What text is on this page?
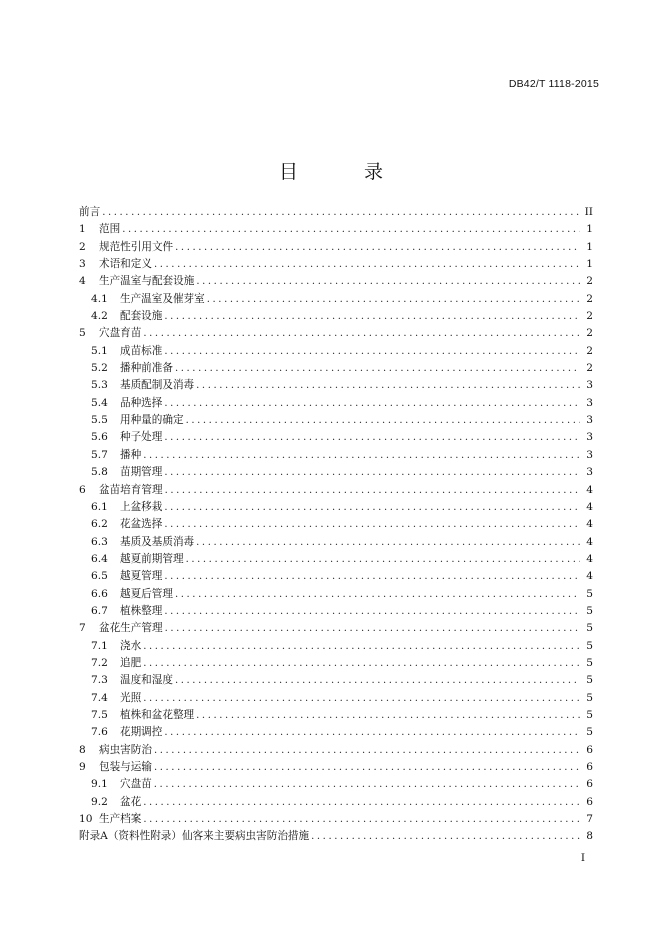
DB42/T 1118-2015
目 录
前言 .....	II
1	范围 .....	1
2	规范性引用文件 .....	1
3	术语和定义 .....	1
4	生产温室与配套设施 .....	2
4.1	生产温室及催芽室 .....	2
4.2	配套设施 .....	2
5	穴盘育苗 .....	2
5.1	成苗标准 .....	2
5.2	播种前准备 .....	2
5.3	基质配制及消毒 .....	3
5.4	品种选择 .....	3
5.5	用种量的确定 .....	3
5.6	种子处理 .....	3
5.7	播种 .....	3
5.8	苗期管理 .....	3
6	盆苗培育管理 .....	4
6.1	上盆移栽 .....	4
6.2	花盆选择 .....	4
6.3	基质及基质消毒 .....	4
6.4	越夏前期管理 .....	4
6.5	越夏管理 .....	4
6.6	越夏后管理 .....	5
6.7	植株整理 .....	5
7	盆花生产管理 .....	5
7.1	浇水 .....	5
7.2	追肥 .....	5
7.3	温度和湿度 .....	5
7.4	光照 .....	5
7.5	植株和盆花整理 .....	5
7.6	花期调控 .....	5
8	病虫害防治 .....	6
9	包装与运输 .....	6
9.1	穴盘苗 .....	6
9.2	盆花 .....	6
10 生产档案 .....	7
附录A（资料性附录）仙客来主要病虫害防治措施 .....	8
I
